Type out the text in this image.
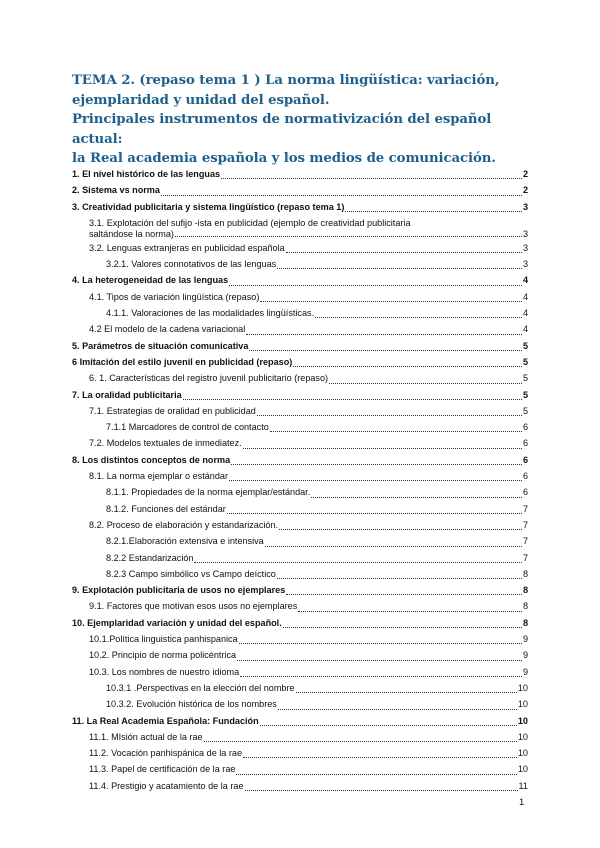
TEMA 2. (repaso tema 1 ) La norma lingüística: variación,

ejemplaridad y unidad del español.

Principales instrumentos de normativización del español actual:

la Real academia española y los medios de comunicación.

1. El nivel histórico de las lenguas	2
2. Sistema vs norma	2
3. Creatividad publicitaria y sistema lingüístico (repaso tema 1)	3
3.1. Explotación del sufijo -ista en publicidad (ejemplo de creatividad publicitaria
saltándose la norma)	3
3.2. Lenguas extranjeras en publicidad española	3
3.2.1. Valores connotativos de las lenguas	3
4. La heterogeneidad de las lenguas	4
4.1. Tipos de variación lingüística (repaso)	4
4.1.1. Valoraciones de las modalidades lingüísticas.	4
4.2 El modelo de la cadena variacional	4
5. Parámetros de situación comunicativa	5
6 Imitación del estilo juvenil en publicidad (repaso)	5
6. 1. Características del registro juvenil publicitario (repaso)	5
7. La oralidad publicitaria	5
7.1. Estrategias de oralidad en publicidad	5
7.1.1 Marcadores de control de contacto	6
7.2. Modelos textuales de inmediatez.	6
8. Los distintos conceptos de norma	6
8.1. La norma ejemplar o estándar	6
8.1.1. Propiedades de la norma ejemplar/estándar.	6
8.1.2. Funciones del estándar	7
8.2. Proceso de elaboración y estandarización.	7
8.2.1.Elaboración extensiva e intensiva	7
8.2.2 Estandarización	7
8.2.3 Campo simbólico vs Campo deíctico	8
9. Explotación publicitaria de usos no ejemplares	8
9.1. Factores que motivan esos usos no ejemplares	8
10. Ejemplaridad variación y unidad del español.	8
10.1.Política linguistica panhispanica	9
10.2. Principio de norma policéntrica	9
10.3. Los nombres de nuestro idioma	9
10.3.1 .Perspectivas en la elección del nombre	10
10.3.2. Evolución histórica de los nombres	10
11. La Real Academia Española: Fundación	10
11.1. MIsión actual de la rae	10
11.2. Vocación panhispánica de la rae	10
11.3. Papel de certificación de la rae	10
11.4. Prestigio y acatamiento de la rae	11
1
